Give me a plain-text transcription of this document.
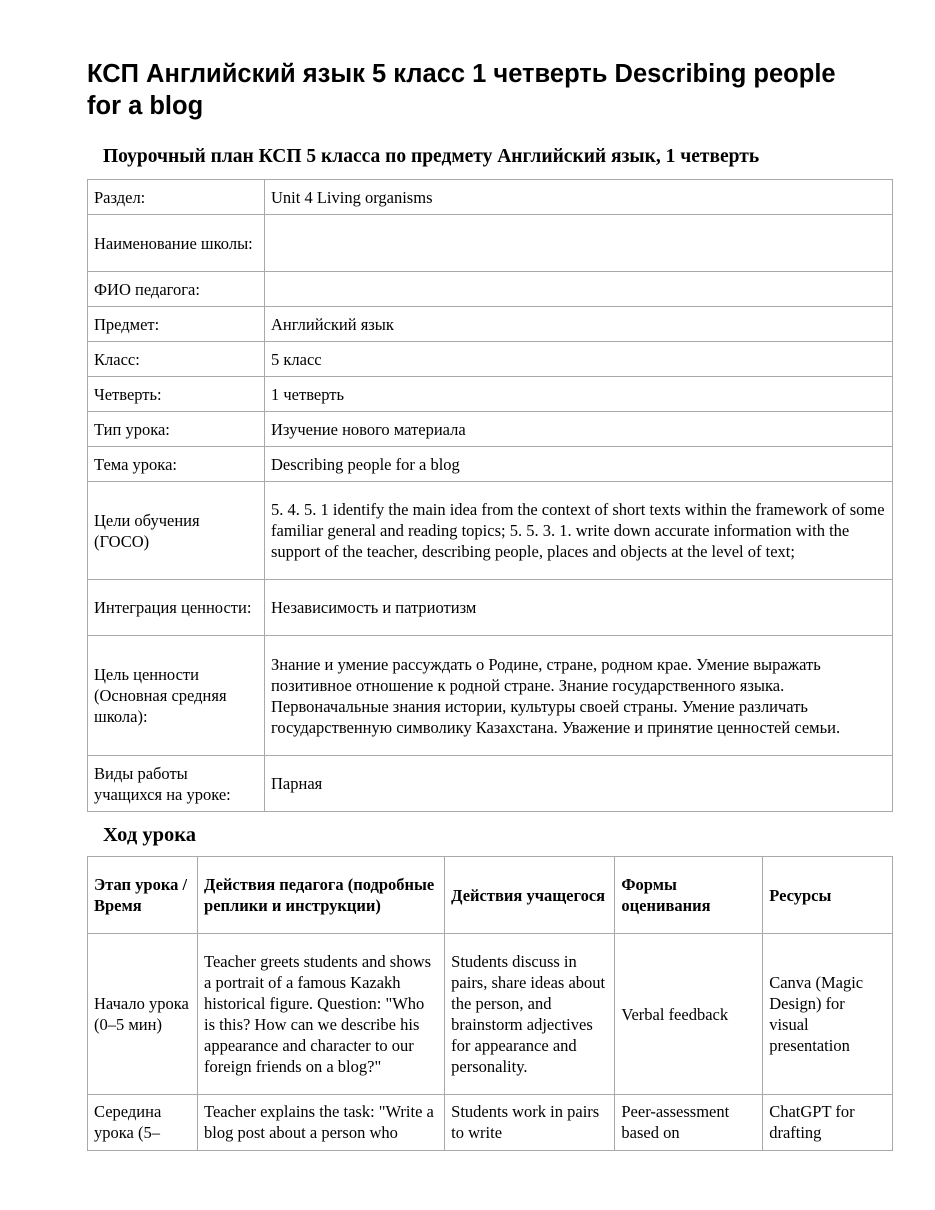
КСП Английский язык 5 класс 1 четверть Describing people for a blog
Поурочный план КСП 5 класса по предмету Английский язык, 1 четверть
Раздел:	Unit 4 Living organisms
Наименование школы:	
ФИО педагога:	
Предмет:	Английский язык
Класс:	5 класс
Четверть:	1 четверть
Тип урока:	Изучение нового материала
Тема урока:	Describing people for a blog
Цели обучения (ГОСО)	5. 4. 5. 1 identify the main idea from the context of short texts within the framework of some familiar general and reading topics; 5. 5. 3. 1. write down accurate information with the support of the teacher, describing people, places and objects at the level of text;
Интеграция ценности:	Независимость и патриотизм
Цель ценности (Основная средняя школа):	Знание и умение рассуждать о Родине, стране, родном крае. Умение выражать позитивное отношение к родной стране. Знание государственного языка. Первоначальные знания истории, культуры своей страны. Умение различать государственную символику Казахстана. Уважение и принятие ценностей семьи.
Виды работы учащихся на уроке:	Парная
Ход урока
Этап урока / Время	Действия педагога (подробные реплики и инструкции)	Действия учащегося	Формы оценивания	Ресурсы
Начало урока (0–5 мин)	Teacher greets students and shows a portrait of a famous Kazakh historical figure. Question: "Who is this? How can we describe his appearance and character to our foreign friends on a blog?"	Students discuss in pairs, share ideas about the person, and brainstorm adjectives for appearance and personality.	Verbal feedback	Canva (Magic Design) for visual presentation
Середина урока (5–	Teacher explains the task: "Write a blog post about a person who	Students work in pairs to write	Peer-assessment based on	ChatGPT for drafting
